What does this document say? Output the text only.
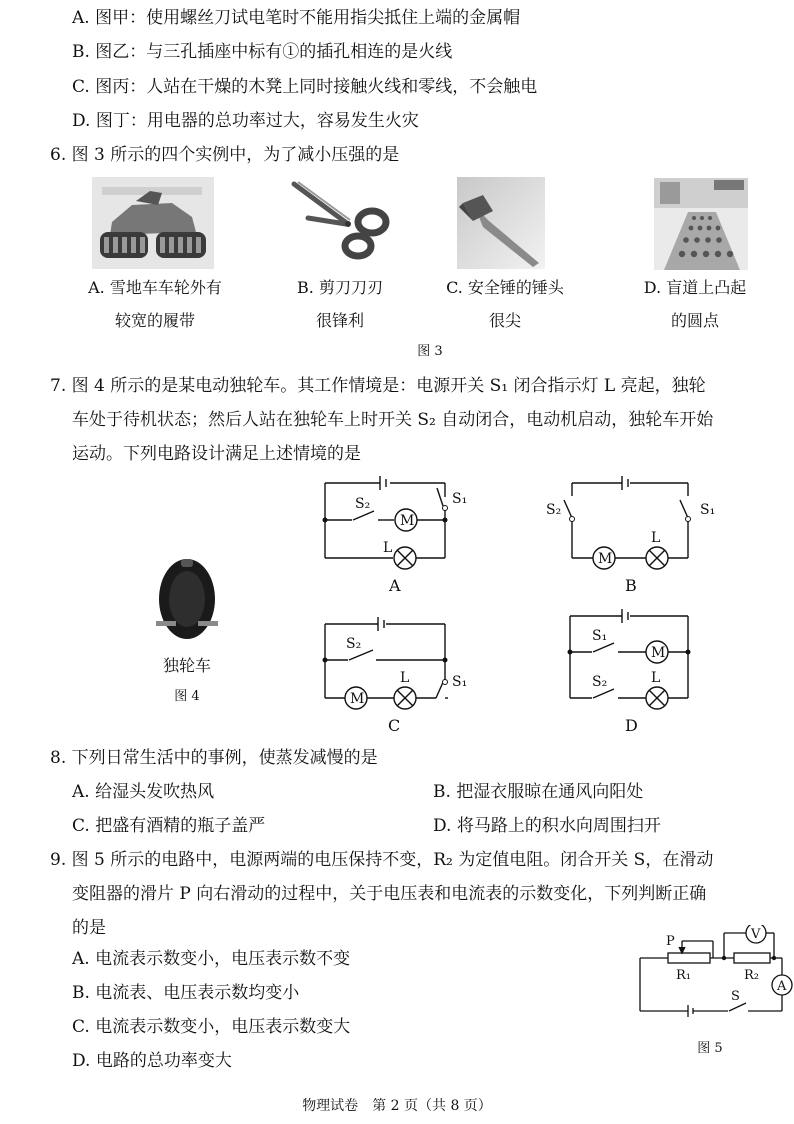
A. 图甲：使用螺丝刀试电笔时不能用指尖抵住上端的金属帽
B. 图乙：与三孔插座中标有①的插孔相连的是火线
C. 图丙：人站在干燥的木凳上同时接触火线和零线，不会触电
D. 图丁：用电器的总功率过大，容易发生火灾
6. 图 3 所示的四个实例中，为了减小压强的是
A. 雪地车车轮外有
较宽的履带
B. 剪刀刀刃
很锋利
C. 安全锤的锤头
很尖
D. 盲道上凸起
的圆点
图 3
7. 图 4 所示的是某电动独轮车。其工作情境是：电源开关 S₁ 闭合指示灯 L 亮起，独轮
车处于待机状态；然后人站在独轮车上时开关 S₂ 自动闭合，电动机启动，独轮车开始
运动。下列电路设计满足上述情境的是
独轮车
图 4
M
M
M
M
S₂	S₁
L
S₂	S₁
L
S₂
L	S₁
S₁
S₂	L
A	B
C	D
8. 下列日常生活中的事例，使蒸发减慢的是
A. 给湿头发吹热风	B. 把湿衣服晾在通风向阳处
C. 把盛有酒精的瓶子盖严	D. 将马路上的积水向周围扫开
9. 图 5 所示的电路中，电源两端的电压保持不变，R₂ 为定值电阻。闭合开关 S，在滑动
变阻器的滑片 P 向右滑动的过程中，关于电压表和电流表的示数变化，下列判断正确
的是
A. 电流表示数变小，电压表示数不变
B. 电流表、电压表示数均变小
C. 电流表示数变小，电压表示数变大
D. 电路的总功率变大
P
R₁	R₂
V
A
S
图 5
物理试卷　第 2 页（共 8 页）
